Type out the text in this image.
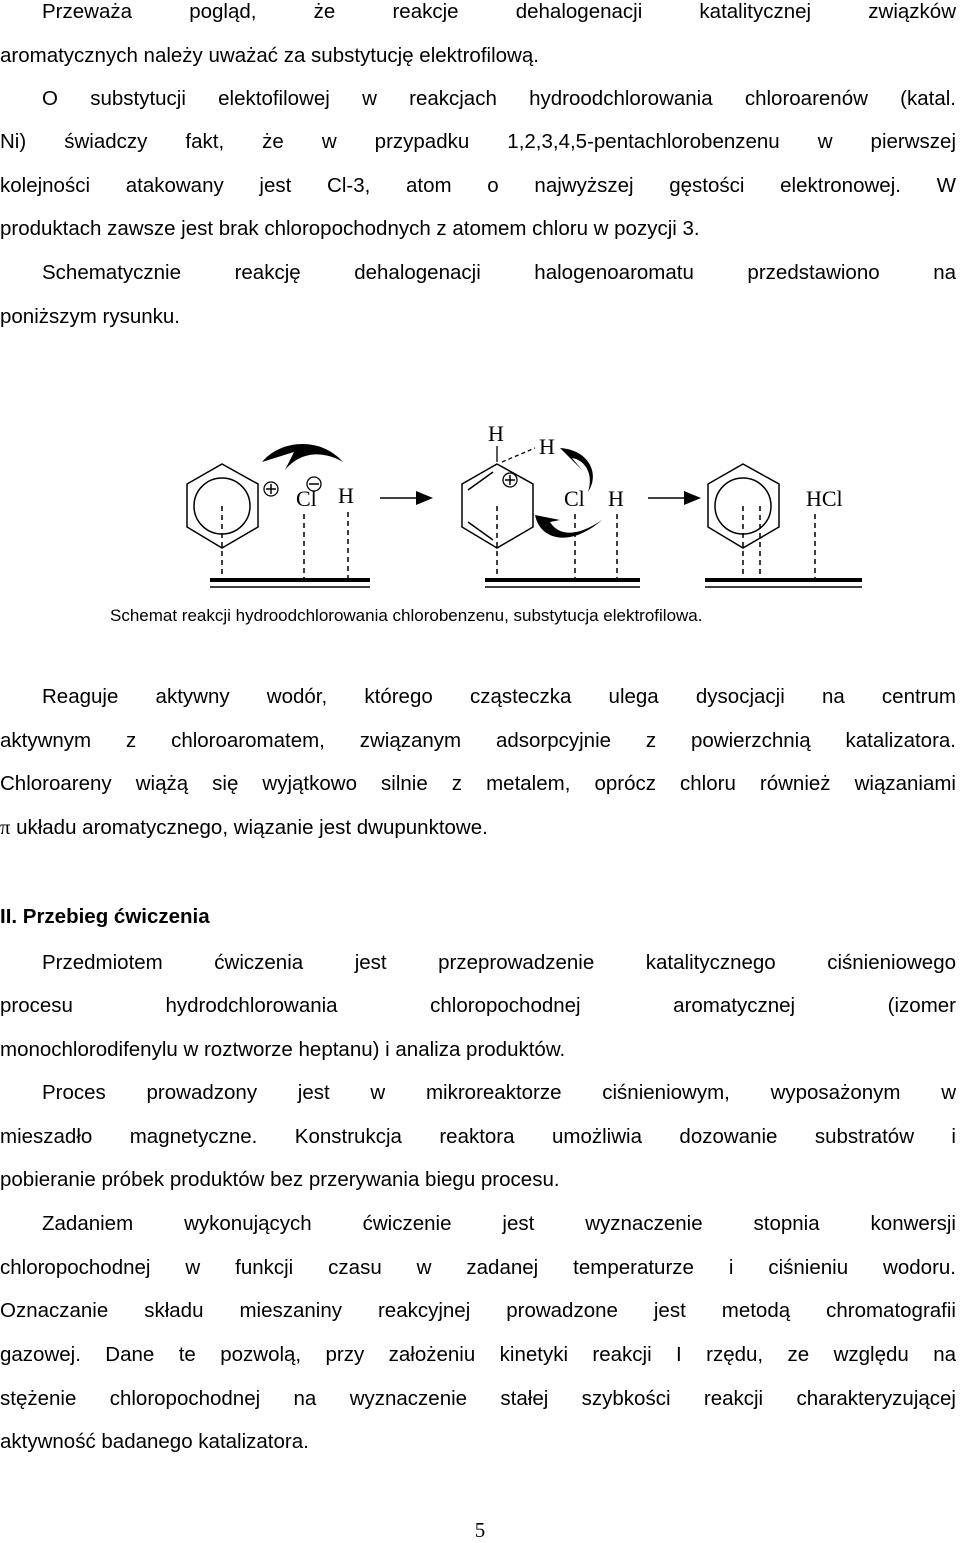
Przeważa pogląd, że reakcje dehalogenacji katalitycznej związków
aromatycznych należy uważać za substytucję elektrofilową.
O substytucji elektofilowej w reakcjach hydroodchlorowania chloroarenów (katal.
Ni) świadczy fakt, że w przypadku 1,2,3,4,5-pentachlorobenzenu w pierwszej
kolejności atakowany jest Cl-3, atom o najwyższej gęstości elektronowej. W
produktach zawsze jest brak chloropochodnych z atomem chloru w pozycji 3.
Schematycznie reakcję dehalogenacji halogenoaromatu przedstawiono na
poniższym rysunku.
Cl H
H
H
Cl H	HCl
Schemat reakcji hydroodchlorowania chlorobenzenu, substytucja elektrofilowa.
Reaguje aktywny wodór, którego cząsteczka ulega dysocjacji na centrum
aktywnym z chloroaromatem, związanym adsorpcyjnie z powierzchnią katalizatora.
Chloroareny wiążą się wyjątkowo silnie z metalem, oprócz chloru również wiązaniami
π układu aromatycznego, wiązanie jest dwupunktowe.
II. Przebieg ćwiczenia
Przedmiotem ćwiczenia jest przeprowadzenie katalitycznego ciśnieniowego
procesu hydrodchlorowania chloropochodnej aromatycznej (izomer
monochlorodifenylu w roztworze heptanu) i analiza produktów.
Proces prowadzony jest w mikroreaktorze ciśnieniowym, wyposażonym w
mieszadło magnetyczne. Konstrukcja reaktora umożliwia dozowanie substratów i
pobieranie próbek produktów bez przerywania biegu procesu.
Zadaniem wykonujących ćwiczenie jest wyznaczenie stopnia konwersji
chloropochodnej w funkcji czasu w zadanej temperaturze i ciśnieniu wodoru.
Oznaczanie składu mieszaniny reakcyjnej prowadzone jest metodą chromatografii
gazowej. Dane te pozwolą, przy założeniu kinetyki reakcji I rzędu, ze względu na
stężenie chloropochodnej na wyznaczenie stałej szybkości reakcji charakteryzującej
aktywność badanego katalizatora.
5
